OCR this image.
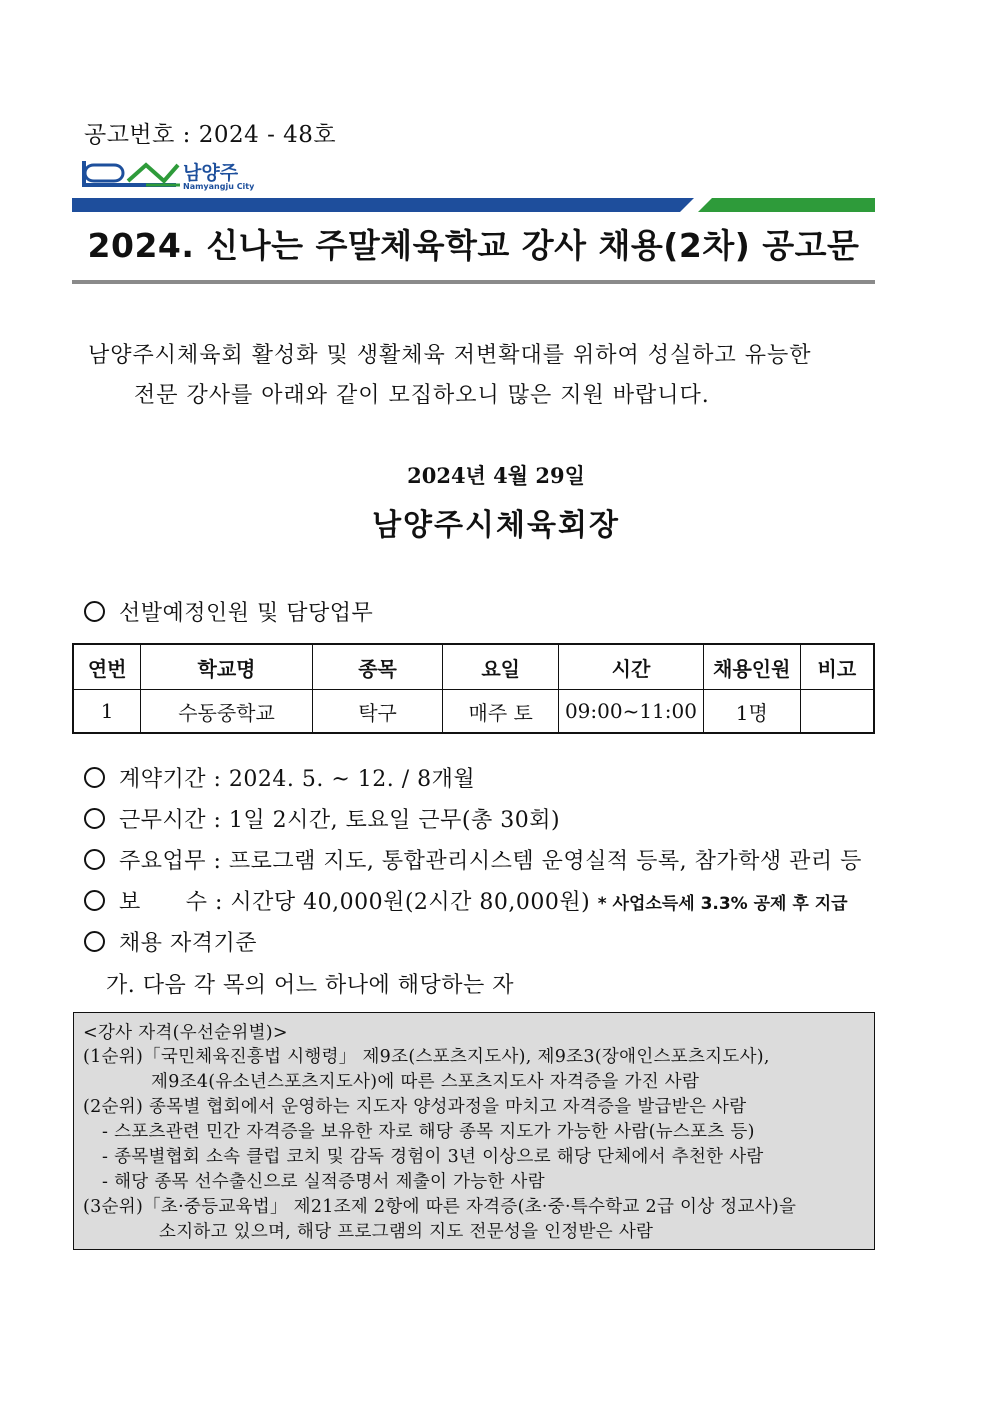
공고번호 : 2024 - 48호
남양주
Namyangju City
2024. 신나는 주말체육학교 강사 채용(2차) 공고문
남양주시체육회 활성화 및 생활체육 저변확대를 위하여 성실하고 유능한
전문 강사를 아래와 같이 모집하오니 많은 지원 바랍니다.
2024년 4월 29일
남양주시체육회장
선발예정인원 및 담당업무
연번	학교명	종목	요일	시간	채용인원	비고
1	수동중학교	탁구	매주 토	09:00~11:00	1명	
계약기간 : 2024. 5. ~ 12. / 8개월
근무시간 : 1일 2시간, 토요일 근무(총 30회)
주요업무 : 프로그램 지도, 통합관리시스템 운영실적 등록, 참가학생 관리 등
보      수 : 시간당 40,000원(2시간 80,000원) * 사업소득세 3.3% 공제 후 지급
채용 자격기준
가. 다음 각 목의 어느 하나에 해당하는 자
<강사 자격(우선순위별)>
(1순위)「국민체육진흥법 시행령」 제9조(스포츠지도사), 제9조3(장애인스포츠지도사),
제9조4(유소년스포츠지도사)에 따른 스포츠지도사 자격증을 가진 사람
(2순위) 종목별 협회에서 운영하는 지도자 양성과정을 마치고 자격증을 발급받은 사람
- 스포츠관련 민간 자격증을 보유한 자로 해당 종목 지도가 가능한 사람(뉴스포츠 등)
- 종목별협회 소속 클럽 코치 및 감독 경험이 3년 이상으로 해당 단체에서 추천한 사람
- 해당 종목 선수출신으로 실적증명서 제출이 가능한 사람
(3순위)「초·중등교육법」 제21조제 2항에 따른 자격증(초·중·특수학교 2급 이상 정교사)을
소지하고 있으며, 해당 프로그램의 지도 전문성을 인정받은 사람
